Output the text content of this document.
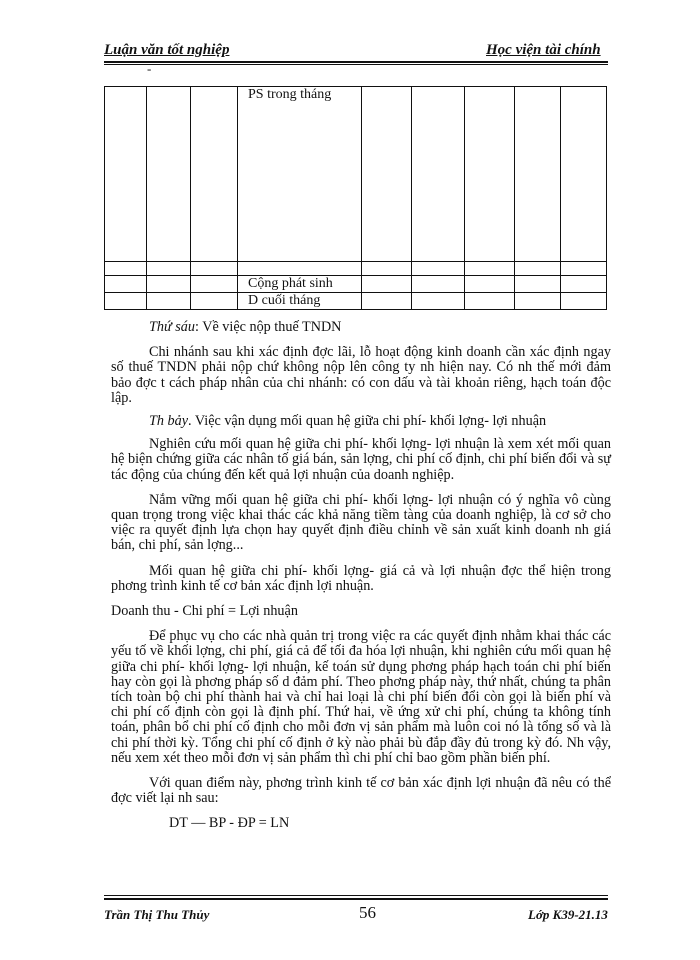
Luận văn tốt nghiệp	Học viện tài chính
-
			PS trong tháng					

			Cộng phát sinh					
			D cuối tháng					

Thứ sáu: Về việc nộp thuế TNDN

Chi nhánh sau khi xác định đợc lãi, lỗ hoạt động kinh doanh cần xác định ngay số thuế TNDN phải nộp chứ không nộp lên công ty nh hiện nay. Có nh thế mới đảm bảo đợc t cách pháp nhân của chi nhánh: có con dấu và tài khoản riêng, hạch toán độc lập.

Th bảy. Việc vận dụng mối quan hệ giữa chi phí- khối lợng- lợi nhuận

Nghiên cứu mối quan hệ giữa chi phí- khối lợng- lợi nhuận là xem xét mối quan hệ biện chứng giữa các nhân tố giá bán, sản lợng, chi phí cố định, chi phí biến đổi và sự tác động của chúng đến kết quả lợi nhuận của doanh nghiệp.

Nắm vững mối quan hệ giữa chi phí- khối lợng- lợi nhuận có ý nghĩa vô cùng quan trọng trong việc khai thác các khả năng tiềm tàng của doanh nghiệp, là cơ sở cho việc ra quyết định lựa chọn hay quyết định điều chỉnh về sản xuất kinh doanh nh giá bán, chi phí, sản lợng...

Mối quan hệ giữa chi phí- khối lợng- giá cả và lợi nhuận đợc thể hiện trong phơng trình kinh tế cơ bản xác định lợi nhuận.

Doanh thu - Chi phí = Lợi nhuận

Để phục vụ cho các nhà quản trị trong việc ra các quyết định nhằm khai thác các yếu tố về khối lợng, chi phí, giá cả để tối đa hóa lợi nhuận, khi nghiên cứu mối quan hệ giữa chi phí- khối lợng- lợi nhuận, kế toán sử dụng phơng pháp hạch toán chi phí biến hay còn gọi là phơng pháp số d đảm phí. Theo phơng pháp này, thứ nhất, chúng ta phân tích toàn bộ chi phí thành hai và chỉ hai loại là chi phí biến đổi còn gọi là biến phí và chi phí cố định còn gọi là định phí. Thứ hai, về ứng xử chi phí, chúng ta không tính toán, phân bổ chi phí cố định cho mỗi đơn vị sản phẩm mà luôn coi nó là tổng số và là chi phí thời kỳ. Tổng chi phí cố định ở kỳ nào phải bù đắp đầy đủ trong kỳ đó. Nh vậy, nếu xem xét theo mỗi đơn vị sản phẩm thì chi phí chỉ bao gồm phần biến phí.

Với quan điểm này, phơng trình kinh tế cơ bản xác định lợi nhuận đã nêu có thể đợc viết lại nh sau:

DT — BP - ĐP = LN

Trần Thị Thu Thủy	56	Lớp K39-21.13
